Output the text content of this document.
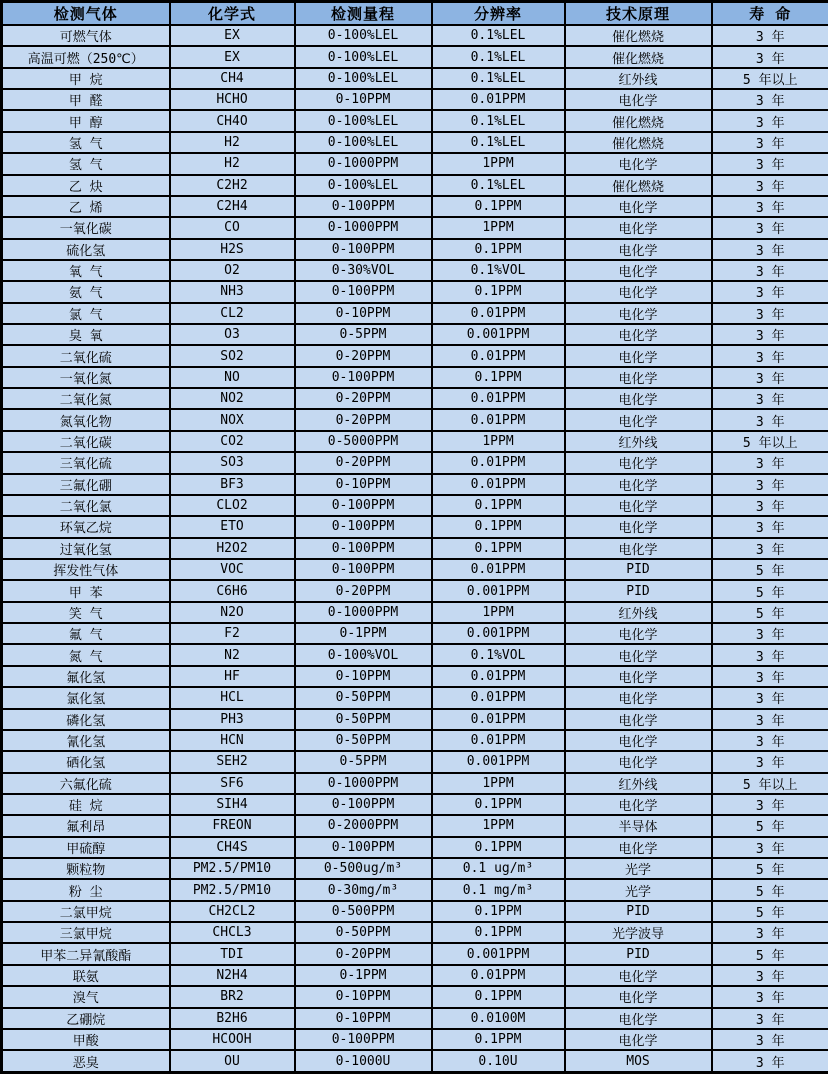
检测气体	化学式	检测量程	分辨率	技术原理	寿 命
可燃气体	EX	0-100%LEL	0.1%LEL	催化燃烧	3 年
高温可燃（250℃）	EX	0-100%LEL	0.1%LEL	催化燃烧	3 年
甲 烷	CH4	0-100%LEL	0.1%LEL	红外线	5 年以上
甲 醛	HCHO	0-10PPM	0.01PPM	电化学	3 年
甲 醇	CH4O	0-100%LEL	0.1%LEL	催化燃烧	3 年
氢 气	H2	0-100%LEL	0.1%LEL	催化燃烧	3 年
氢 气	H2	0-1000PPM	1PPM	电化学	3 年
乙 炔	C2H2	0-100%LEL	0.1%LEL	催化燃烧	3 年
乙 烯	C2H4	0-100PPM	0.1PPM	电化学	3 年
一氧化碳	CO	0-1000PPM	1PPM	电化学	3 年
硫化氢	H2S	0-100PPM	0.1PPM	电化学	3 年
氧 气	O2	0-30%VOL	0.1%VOL	电化学	3 年
氨 气	NH3	0-100PPM	0.1PPM	电化学	3 年
氯 气	CL2	0-10PPM	0.01PPM	电化学	3 年
臭 氧	O3	0-5PPM	0.001PPM	电化学	3 年
二氧化硫	SO2	0-20PPM	0.01PPM	电化学	3 年
一氧化氮	NO	0-100PPM	0.1PPM	电化学	3 年
二氧化氮	NO2	0-20PPM	0.01PPM	电化学	3 年
氮氧化物	NOX	0-20PPM	0.01PPM	电化学	3 年
二氧化碳	CO2	0-5000PPM	1PPM	红外线	5 年以上
三氧化硫	SO3	0-20PPM	0.01PPM	电化学	3 年
三氟化硼	BF3	0-10PPM	0.01PPM	电化学	3 年
二氧化氯	CLO2	0-100PPM	0.1PPM	电化学	3 年
环氧乙烷	ETO	0-100PPM	0.1PPM	电化学	3 年
过氧化氢	H2O2	0-100PPM	0.1PPM	电化学	3 年
挥发性气体	VOC	0-100PPM	0.01PPM	PID	5 年
甲 苯	C6H6	0-20PPM	0.001PPM	PID	5 年
笑 气	N2O	0-1000PPM	1PPM	红外线	5 年
氟 气	F2	0-1PPM	0.001PPM	电化学	3 年
氮 气	N2	0-100%VOL	0.1%VOL	电化学	3 年
氟化氢	HF	0-10PPM	0.01PPM	电化学	3 年
氯化氢	HCL	0-50PPM	0.01PPM	电化学	3 年
磷化氢	PH3	0-50PPM	0.01PPM	电化学	3 年
氰化氢	HCN	0-50PPM	0.01PPM	电化学	3 年
硒化氢	SEH2	0-5PPM	0.001PPM	电化学	3 年
六氟化硫	SF6	0-1000PPM	1PPM	红外线	5 年以上
硅 烷	SIH4	0-100PPM	0.1PPM	电化学	3 年
氟利昂	FREON	0-2000PPM	1PPM	半导体	5 年
甲硫醇	CH4S	0-100PPM	0.1PPM	电化学	3 年
颗粒物	PM2.5/PM10	0-500ug/m³	0.1 ug/m³	光学	5 年
粉 尘	PM2.5/PM10	0-30mg/m³	0.1 mg/m³	光学	5 年
二氯甲烷	CH2CL2	0-500PPM	0.1PPM	PID	5 年
三氯甲烷	CHCL3	0-50PPM	0.1PPM	光学波导	3 年
甲苯二异氰酸酯	TDI	0-20PPM	0.001PPM	PID	5 年
联氨	N2H4	0-1PPM	0.01PPM	电化学	3 年
溴气	BR2	0-10PPM	0.1PPM	电化学	3 年
乙硼烷	B2H6	0-10PPM	0.0100M	电化学	3 年
甲酸	HCOOH	0-100PPM	0.1PPM	电化学	3 年
恶臭	OU	0-1000U	0.10U	MOS	3 年
